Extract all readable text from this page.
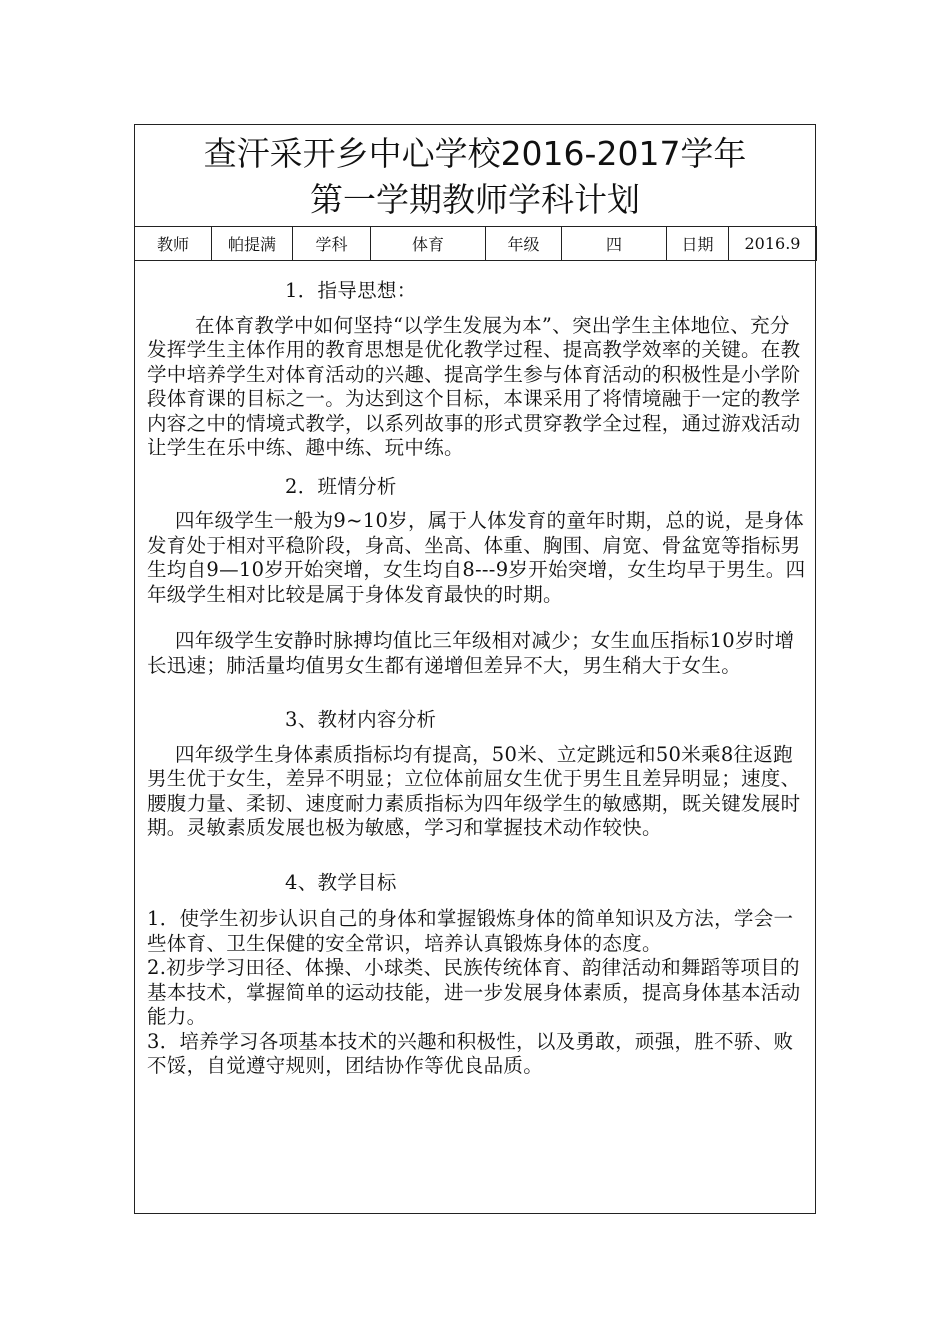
查汗采开乡中心学校2016-2017学年
第一学期教师学科计划
教师	帕提满	学科	体育	年级	四	日期	2016.9

1．指导思想：

在体育教学中如何坚持“以学生发展为本”、突出学生主体地位、充分发挥学生主体作用的教育思想是优化教学过程、提高教学效率的关键。在教学中培养学生对体育活动的兴趣、提高学生参与体育活动的积极性是小学阶段体育课的目标之一。为达到这个目标，本课采用了将情境融于一定的教学内容之中的情境式教学，以系列故事的形式贯穿教学全过程，通过游戏活动让学生在乐中练、趣中练、玩中练。

2．班情分析

四年级学生一般为9~10岁，属于人体发育的童年时期，总的说，是身体发育处于相对平稳阶段，身高、坐高、体重、胸围、肩宽、骨盆宽等指标男生均自9—10岁开始突增，女生均自8---9岁开始突增，女生均早于男生。四年级学生相对比较是属于身体发育最快的时期。

四年级学生安静时脉搏均值比三年级相对减少；女生血压指标10岁时增长迅速；肺活量均值男女生都有递增但差异不大，男生稍大于女生。

3、教材内容分析

四年级学生身体素质指标均有提高，50米、立定跳远和50米乘8往返跑男生优于女生，差异不明显；立位体前屈女生优于男生且差异明显；速度、腰腹力量、柔韧、速度耐力素质指标为四年级学生的敏感期，既关键发展时期。灵敏素质发展也极为敏感，学习和掌握技术动作较快。

4、教学目标

1．使学生初步认识自己的身体和掌握锻炼身体的简单知识及方法，学会一些体育、卫生保健的安全常识，培养认真锻炼身体的态度。

2.初步学习田径、体操、小球类、民族传统体育、韵律活动和舞蹈等项目的基本技术，掌握简单的运动技能，进一步发展身体素质，提高身体基本活动能力。

3．培养学习各项基本技术的兴趣和积极性，以及勇敢，顽强，胜不骄、败不馁，自觉遵守规则，团结协作等优良品质。
